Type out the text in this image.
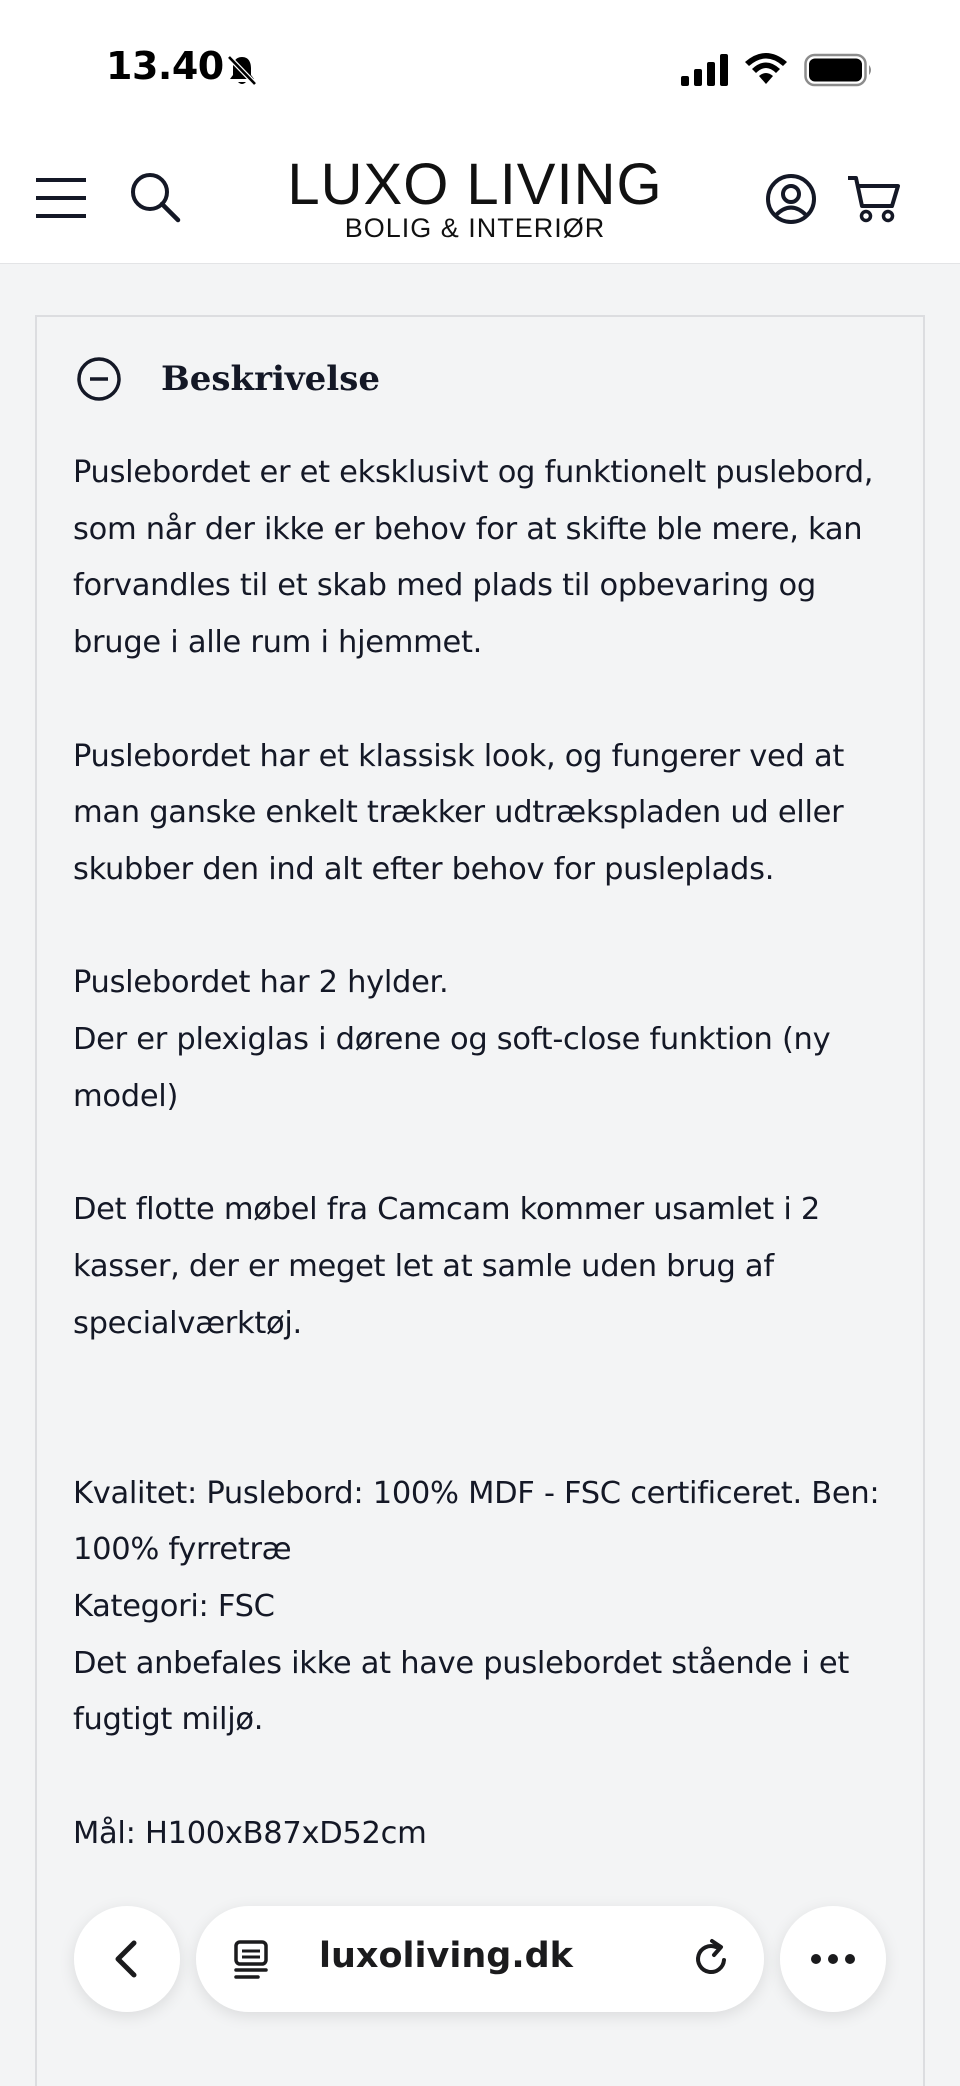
13.40
LUXO LIVING
BOLIG & INTERIØR
Beskrivelse

Puslebordet er et eksklusivt og funktionelt puslebord, som når der ikke er behov for at skifte ble mere, kan forvandles til et skab med plads til opbevaring og bruge i alle rum i hjemmet.

Puslebordet har et klassisk look, og fungerer ved at man ganske enkelt trækker udtrækspladen ud eller skubber den ind alt efter behov for pusleplads.

Puslebordet har 2 hylder.

Der er plexiglas i dørene og soft-close funktion (ny model)

Det flotte møbel fra Camcam kommer usamlet i 2 kasser, der er meget let at samle uden brug af specialværktøj.

Kvalitet: Puslebord: 100% MDF - FSC certificeret. Ben: 100% fyrretræ

Kategori: FSC

Det anbefales ikke at have puslebordet stående i et fugtigt miljø.

Mål: H100xB87xD52cm

luxoliving.dk
